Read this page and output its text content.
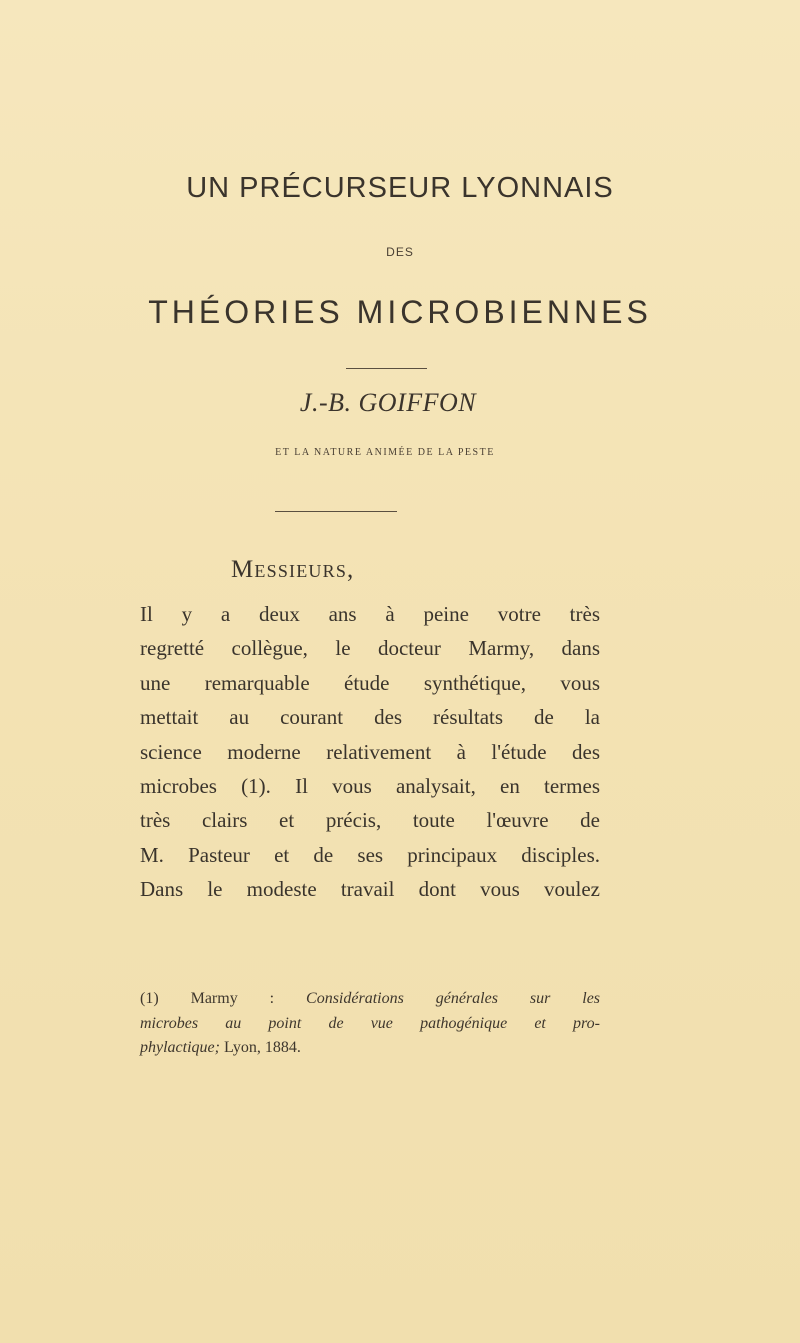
UN PRÉCURSEUR LYONNAIS
DES
THÉORIES MICROBIENNES
J.-B. GOIFFON
ET LA NATURE ANIMÉE DE LA PESTE
Messieurs,
Il y a deux ans à peine votre très
regretté collègue, le docteur Marmy, dans
une remarquable étude synthétique, vous
mettait au courant des résultats de la
science moderne relativement à l'étude des
microbes (1). Il vous analysait, en termes
très clairs et précis, toute l'œuvre de
M. Pasteur et de ses principaux disciples.
Dans le modeste travail dont vous voulez
(1) Marmy : Considérations générales sur les
microbes au point de vue pathogénique et pro-
phylactique; Lyon, 1884.
